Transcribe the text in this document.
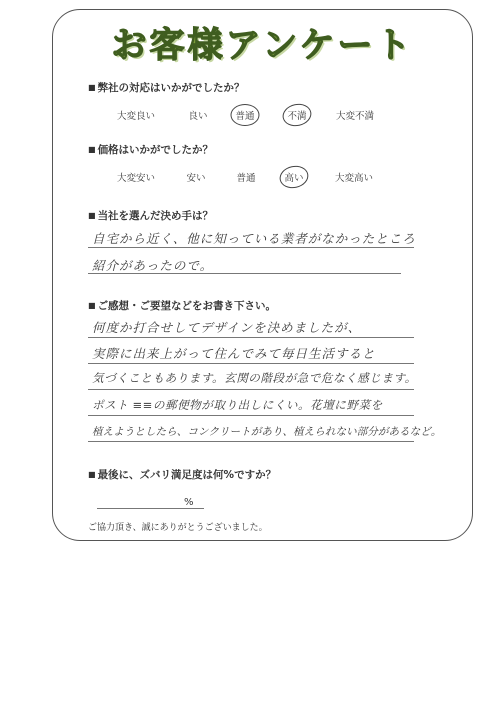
お客様アンケート
■ 弊社の対応はいかがでしたか？
大変良い	良い	普通	不満	大変不満
■ 価格はいかがでしたか？
大変安い	安い	普通	高い	大変高い
■ 当社を選んだ決め手は？
自宅から近く、他に知っている業者がなかったところ
紹介があったので。
■ ご感想・ご要望などをお書き下さい。
何度か打合せしてデザインを決めましたが、
実際に出来上がって住んでみて毎日生活すると
気づくこともあります。玄関の階段が急で危なく感じます。
ポスト ≡≡の郵便物が取り出しにくい。花壇に野菜を
植えようとしたら、コンクリートがあり、植えられない部分があるなど。
■ 最後に、ズバリ満足度は何%ですか？
%
ご協力頂き、誠にありがとうございました。
